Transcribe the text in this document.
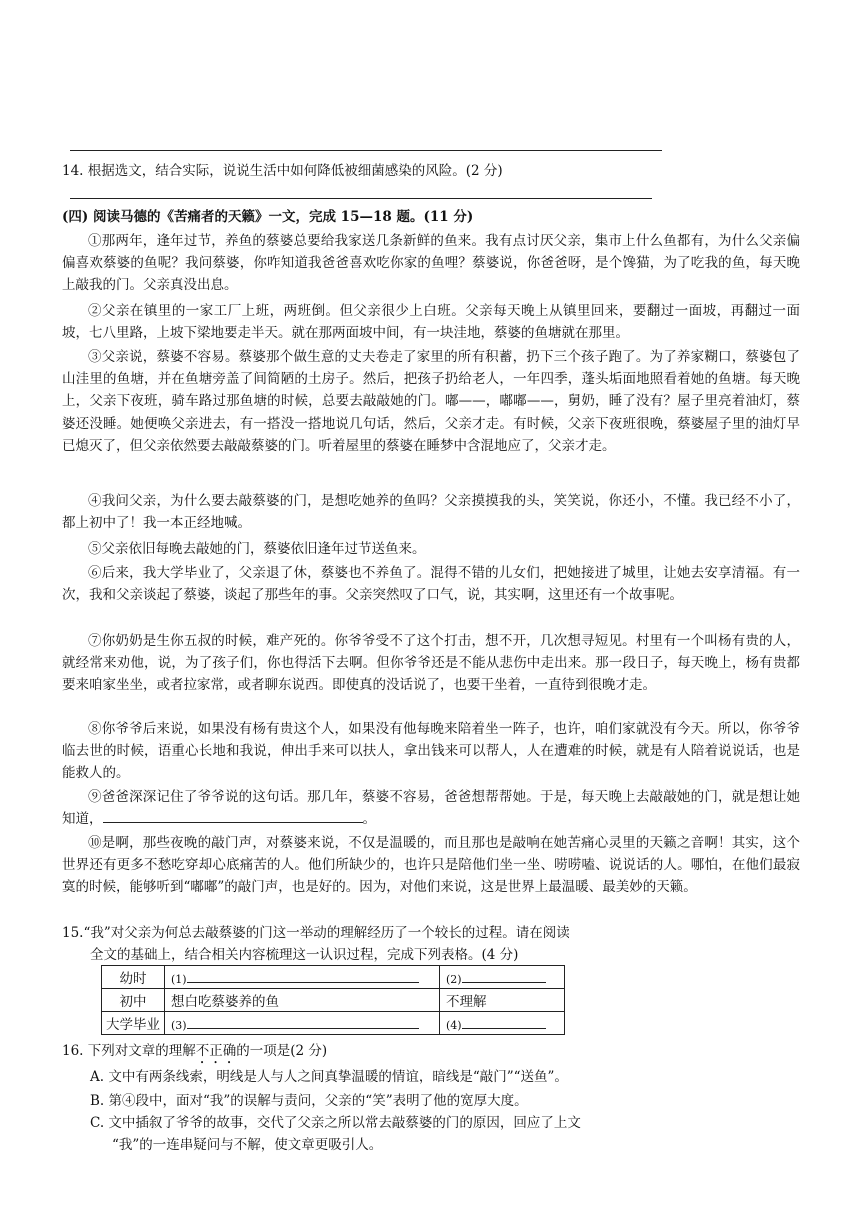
14. 根据选文，结合实际，说说生活中如何降低被细菌感染的风险。(2 分)
(四) 阅读马德的《苦痛者的天籁》一文，完成 15—18 题。(11 分)
①那两年，逢年过节，养鱼的蔡婆总要给我家送几条新鲜的鱼来。我有点讨厌父亲，集市上什么鱼都有，为什么父亲偏偏喜欢蔡婆的鱼呢？我问蔡婆，你咋知道我爸爸喜欢吃你家的鱼哩？蔡婆说，你爸爸呀，是个馋猫，为了吃我的鱼，每天晚上敲我的门。父亲真没出息。
②父亲在镇里的一家工厂上班，两班倒。但父亲很少上白班。父亲每天晚上从镇里回来，要翻过一面坡，再翻过一面坡，七八里路，上坡下梁地要走半天。就在那两面坡中间，有一块洼地，蔡婆的鱼塘就在那里。
③父亲说，蔡婆不容易。蔡婆那个做生意的丈夫卷走了家里的所有积蓄，扔下三个孩子跑了。为了养家糊口，蔡婆包了山洼里的鱼塘，并在鱼塘旁盖了间简陋的土房子。然后，把孩子扔给老人，一年四季，蓬头垢面地照看着她的鱼塘。每天晚上，父亲下夜班，骑车路过那鱼塘的时候，总要去敲敲她的门。嘟——，嘟嘟——，舅奶，睡了没有？屋子里亮着油灯，蔡婆还没睡。她便唤父亲进去，有一搭没一搭地说几句话，然后，父亲才走。有时候，父亲下夜班很晚，蔡婆屋子里的油灯早已熄灭了，但父亲依然要去敲敲蔡婆的门。听着屋里的蔡婆在睡梦中含混地应了，父亲才走。
④我问父亲，为什么要去敲蔡婆的门，是想吃她养的鱼吗？父亲摸摸我的头，笑笑说，你还小，不懂。我已经不小了，都上初中了！我一本正经地喊。
⑤父亲依旧每晚去敲她的门，蔡婆依旧逢年过节送鱼来。
⑥后来，我大学毕业了，父亲退了休，蔡婆也不养鱼了。混得不错的儿女们，把她接进了城里，让她去安享清福。有一次，我和父亲谈起了蔡婆，谈起了那些年的事。父亲突然叹了口气，说，其实啊，这里还有一个故事呢。
⑦你奶奶是生你五叔的时候，难产死的。你爷爷受不了这个打击，想不开，几次想寻短见。村里有一个叫杨有贵的人，就经常来劝他，说，为了孩子们，你也得活下去啊。但你爷爷还是不能从悲伤中走出来。那一段日子，每天晚上，杨有贵都要来咱家坐坐，或者拉家常，或者聊东说西。即使真的没话说了，也要干坐着，一直待到很晚才走。
⑧你爷爷后来说，如果没有杨有贵这个人，如果没有他每晚来陪着坐一阵子，也许，咱们家就没有今天。所以，你爷爷临去世的时候，语重心长地和我说，伸出手来可以扶人，拿出钱来可以帮人，人在遭难的时候，就是有人陪着说说话，也是能救人的。
⑨爸爸深深记住了爷爷说的这句话。那几年，蔡婆不容易，爸爸想帮帮她。于是，每天晚上去敲敲她的门，就是想让她知道，	。
⑩是啊，那些夜晚的敲门声，对蔡婆来说，不仅是温暖的，而且那也是敲响在她苦痛心灵里的天籁之音啊！其实，这个世界还有更多不愁吃穿却心底痛苦的人。他们所缺少的，也许只是陪他们坐一坐、唠唠嗑、说说话的人。哪怕，在他们最寂寞的时候，能够听到“嘟嘟”的敲门声，也是好的。因为，对他们来说，这是世界上最温暖、最美妙的天籁。
15.“我”对父亲为何总去敲蔡婆的门这一举动的理解经历了一个较长的过程。请在阅读
全文的基础上，结合相关内容梳理这一认识过程，完成下列表格。(4 分)
幼时	(1)	(2)
初中	想白吃蔡婆养的鱼	不理解
大学毕业	(3)	(4)
16. 下列对文章的理解不正确的一项是(2 分)
A. 文中有两条线索，明线是人与人之间真挚温暖的情谊，暗线是“敲门”“送鱼”。
B. 第④段中，面对“我”的误解与责问，父亲的“笑”表明了他的宽厚大度。
C. 文中插叙了爷爷的故事，交代了父亲之所以常去敲蔡婆的门的原因，回应了上文
“我”的一连串疑问与不解，使文章更吸引人。
